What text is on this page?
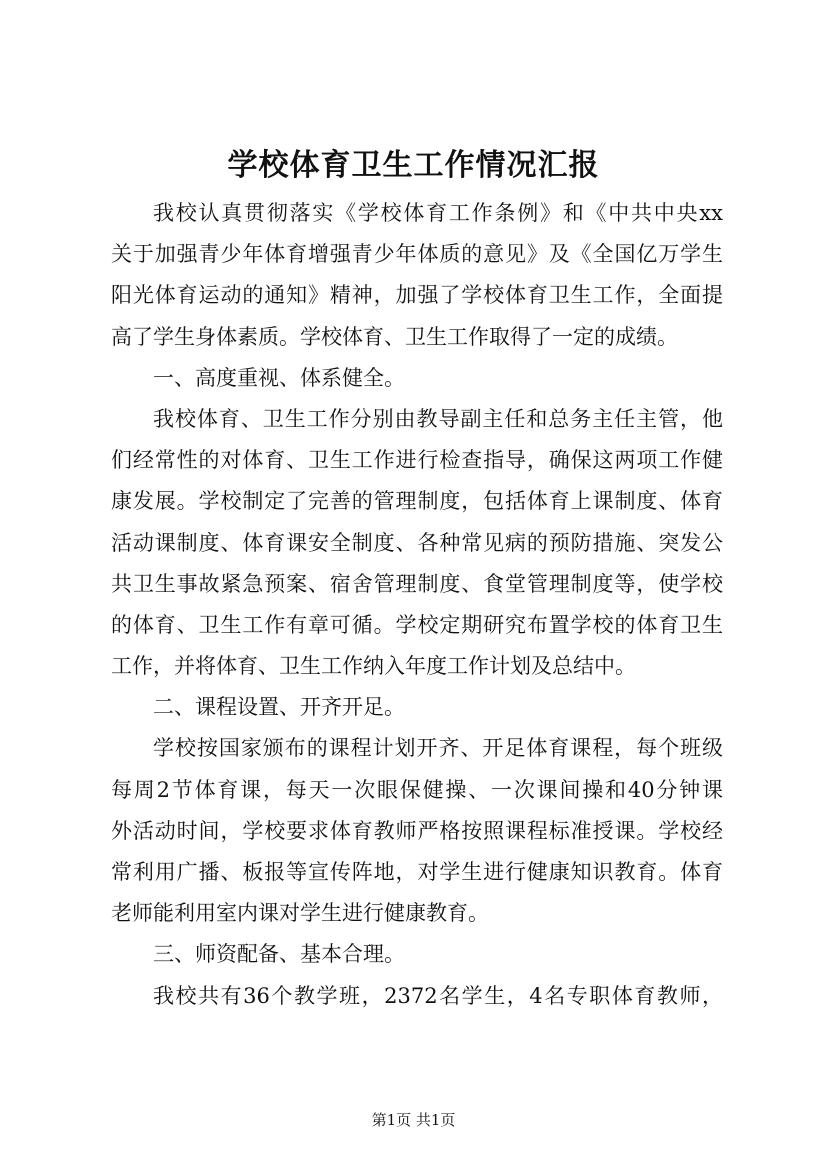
学校体育卫生工作情况汇报
我校认真贯彻落实《学校体育工作条例》和《中共中央xx
关于加强青少年体育增强青少年体质的意见》及《全国亿万学生
阳光体育运动的通知》精神，加强了学校体育卫生工作，全面提
高了学生身体素质。学校体育、卫生工作取得了一定的成绩。
一、高度重视、体系健全。
我校体育、卫生工作分别由教导副主任和总务主任主管，他
们经常性的对体育、卫生工作进行检查指导，确保这两项工作健
康发展。学校制定了完善的管理制度，包括体育上课制度、体育
活动课制度、体育课安全制度、各种常见病的预防措施、突发公
共卫生事故紧急预案、宿舍管理制度、食堂管理制度等，使学校
的体育、卫生工作有章可循。学校定期研究布置学校的体育卫生
工作，并将体育、卫生工作纳入年度工作计划及总结中。
二、课程设置、开齐开足。
学校按国家颁布的课程计划开齐、开足体育课程，每个班级
每周2节体育课，每天一次眼保健操、一次课间操和40分钟课
外活动时间，学校要求体育教师严格按照课程标准授课。学校经
常利用广播、板报等宣传阵地，对学生进行健康知识教育。体育
老师能利用室内课对学生进行健康教育。
三、师资配备、基本合理。
我校共有36个教学班，2372名学生，4名专职体育教师，
第1页 共1页
